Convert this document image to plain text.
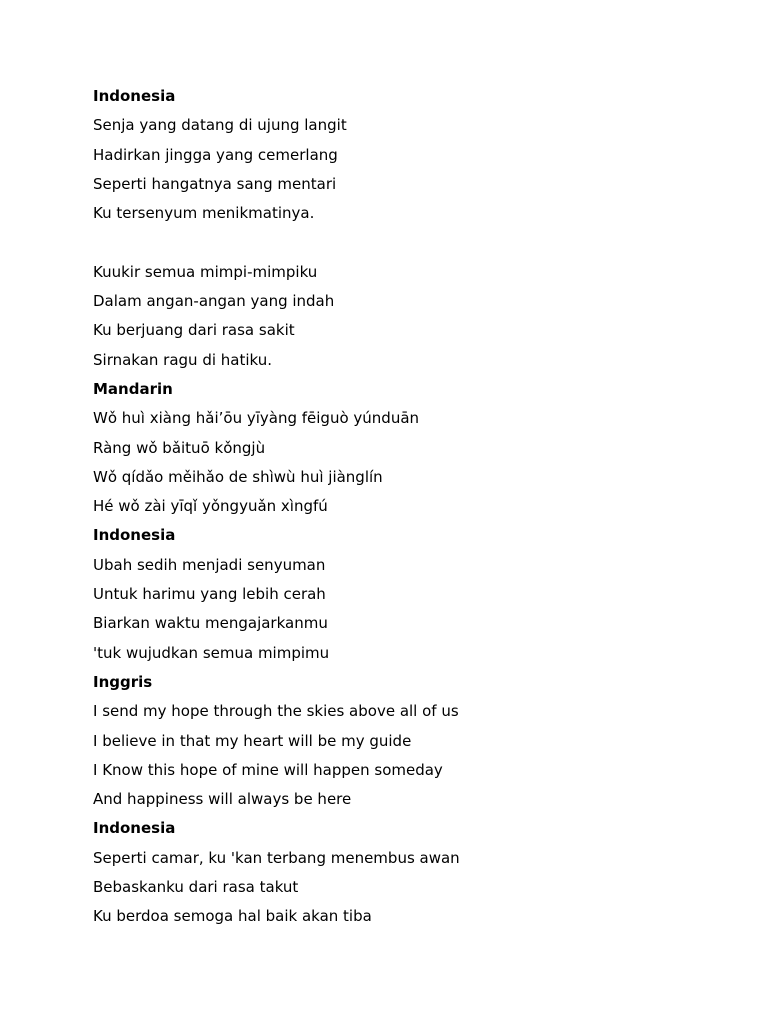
Indonesia
Senja yang datang di ujung langit
Hadirkan jingga yang cemerlang
Seperti hangatnya sang mentari
Ku tersenyum menikmatinya.
Kuukir semua mimpi-mimpiku
Dalam angan-angan yang indah
Ku berjuang dari rasa sakit
Sirnakan ragu di hatiku.
Mandarin
Wǒ huì xiàng hǎi’ōu yīyàng fēiguò yúnduān
Ràng wǒ bǎituō kǒngjù
Wǒ qídǎo měihǎo de shìwù huì jiànglín
Hé wǒ zài yīqǐ yǒngyuǎn xìngfú
Indonesia
Ubah sedih menjadi senyuman
Untuk harimu yang lebih cerah
Biarkan waktu mengajarkanmu
'tuk wujudkan semua mimpimu
Inggris
I send my hope through the skies above all of us
I believe in that my heart will be my guide
I Know this hope of mine will happen someday
And happiness will always be here
Indonesia
Seperti camar, ku 'kan terbang menembus awan
Bebaskanku dari rasa takut
Ku berdoa semoga hal baik akan tiba
